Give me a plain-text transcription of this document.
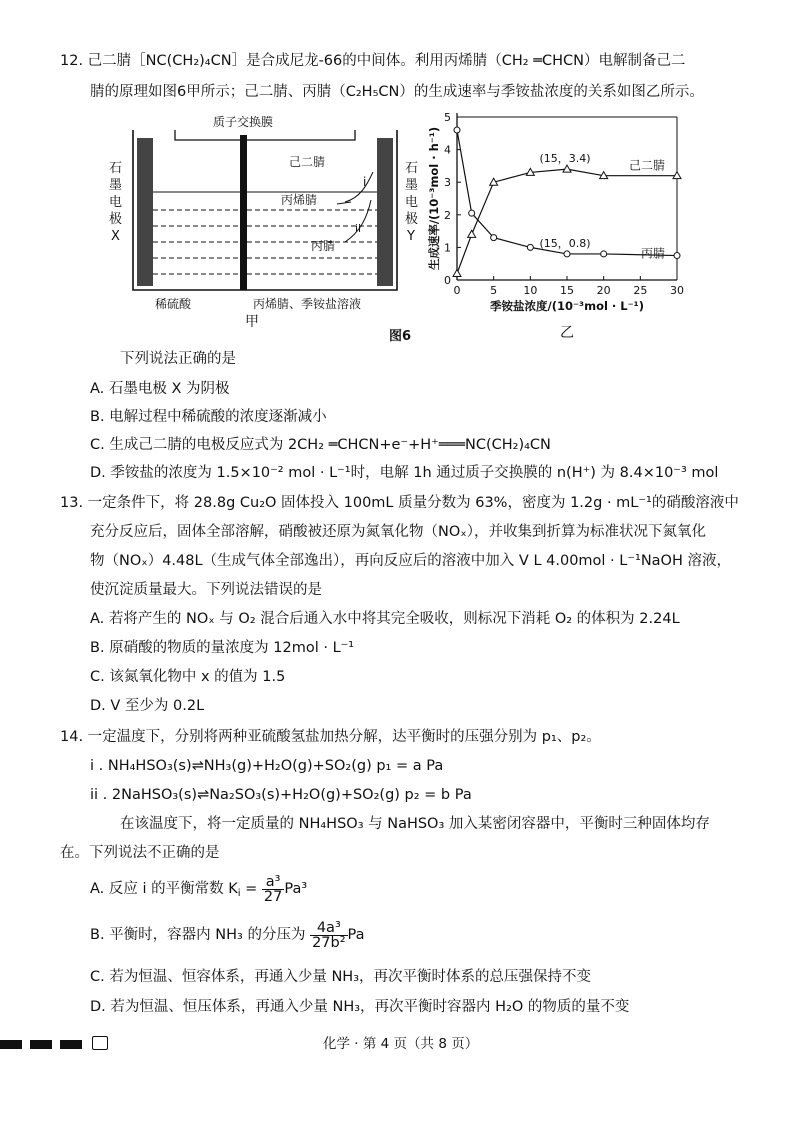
12. 己二腈［NC(CH₂)₄CN］是合成尼龙-66的中间体。利用丙烯腈（CH₂ ═CHCN）电解制备己二
腈的原理如图6甲所示；己二腈、丙腈（C₂H₅CN）的生成速率与季铵盐浓度的关系如图乙所示。
石
墨
电
极
X
石
墨
电
极
Y
质子交换膜
己二腈
i
丙烯腈
ii
丙腈
稀硫酸	丙烯腈、季铵盐溶液
甲
0	5 10 15 20 25 30
0
1
2
3
4
5
季铵盐浓度/(10⁻³mol · L⁻¹)
生成速率/(10⁻³mol · h⁻¹)
乙
己二腈
丙腈
(15，3.4)
(15，0.8)
图6
下列说法正确的是
A. 石墨电极 X 为阴极
B. 电解过程中稀硫酸的浓度逐渐减小
C. 生成己二腈的电极反应式为 2CH₂ ═CHCN+e⁻+H⁺═══NC(CH₂)₄CN
D. 季铵盐的浓度为 1.5×10⁻² mol · L⁻¹时，电解 1h 通过质子交换膜的 n(H⁺) 为 8.4×10⁻³ mol
13. 一定条件下，将 28.8g Cu₂O 固体投入 100mL 质量分数为 63%，密度为 1.2g · mL⁻¹的硝酸溶液中
充分反应后，固体全部溶解，硝酸被还原为氮氧化物（NOₓ），并收集到折算为标准状况下氮氧化
物（NOₓ）4.48L（生成气体全部逸出），再向反应后的溶液中加入 V L 4.00mol · L⁻¹NaOH 溶液，
使沉淀质量最大。下列说法错误的是
A. 若将产生的 NOₓ 与 O₂ 混合后通入水中将其完全吸收，则标况下消耗 O₂ 的体积为 2.24L
B. 原硝酸的物质的量浓度为 12mol · L⁻¹
C. 该氮氧化物中 x 的值为 1.5
D. V 至少为 0.2L
14. 一定温度下，分别将两种亚硫酸氢盐加热分解，达平衡时的压强分别为 p₁、p₂。
i . NH₄HSO₃(s)⇌NH₃(g)+H₂O(g)+SO₂(g) p₁ = a Pa
ii . 2NaHSO₃(s)⇌Na₂SO₃(s)+H₂O(g)+SO₂(g) p₂ = b Pa
在该温度下，将一定质量的 NH₄HSO₃ 与 NaHSO₃ 加入某密闭容器中，平衡时三种固体均存
在。下列说法不正确的是
A. 反应 i 的平衡常数 $K_i = \frac{\text{a³}}{27} Pa^3$
B. 平衡时，容器内 NH₃ 的分压为 $\frac{\text{4a³}}{\text{27b²}}$ Pa
C. 若为恒温、恒容体系，再通入少量 NH₃，再次平衡时体系的总压强保持不变
D. 若为恒温、恒压体系，再通入少量 NH₃，再次平衡时容器内 H₂O 的物质的量不变
化学 · 第 4 页（共 8 页）
